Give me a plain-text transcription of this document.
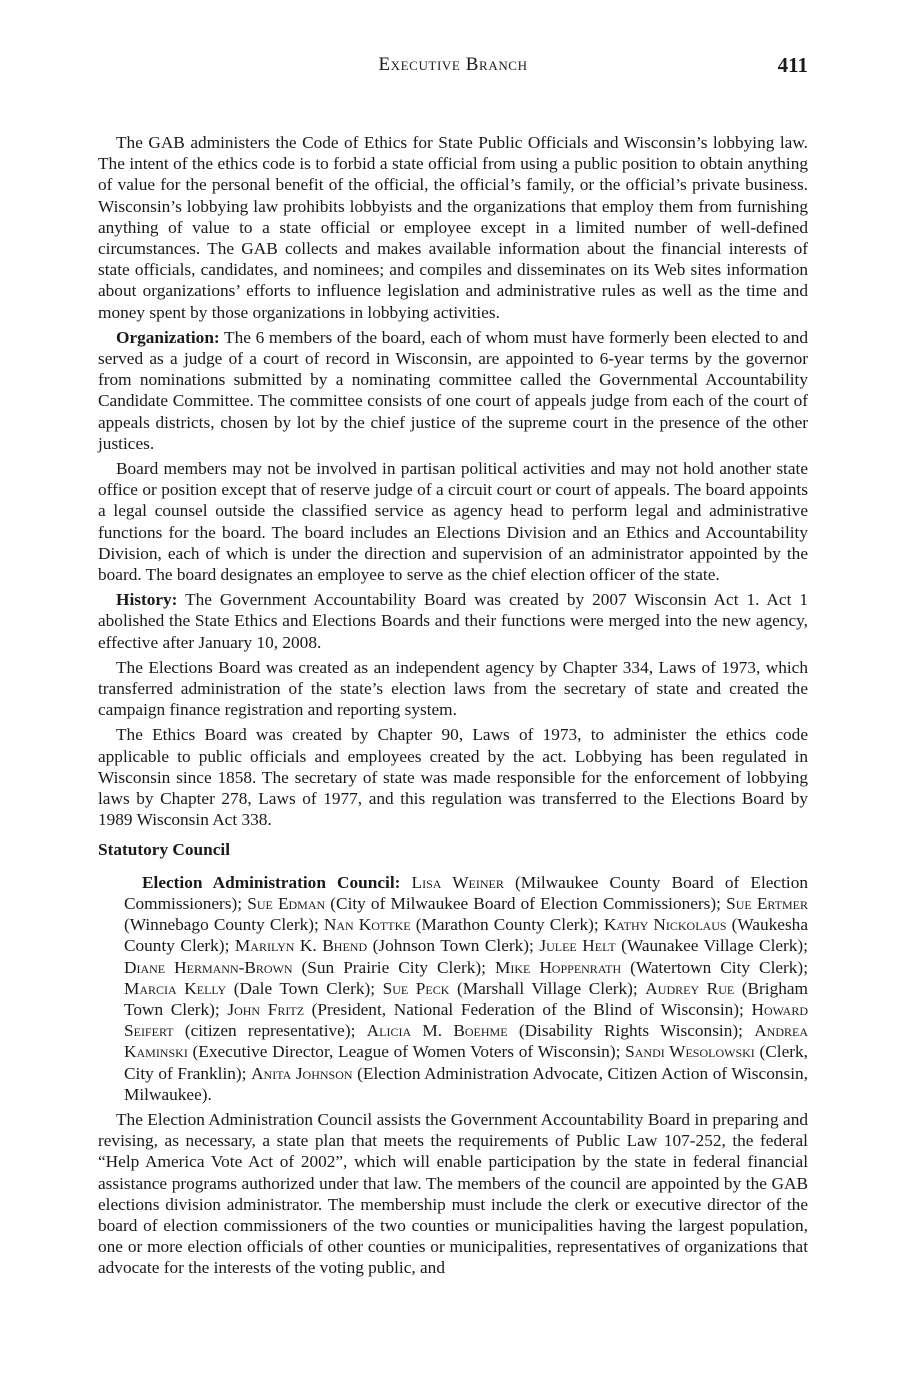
Executive Branch	411

The GAB administers the Code of Ethics for State Public Officials and Wisconsin’s lobbying law. The intent of the ethics code is to forbid a state official from using a public position to obtain anything of value for the personal benefit of the official, the official’s family, or the official’s private business. Wisconsin’s lobbying law prohibits lobbyists and the organizations that employ them from furnishing anything of value to a state official or employee except in a limited number of well-defined circumstances. The GAB collects and makes available information about the financial interests of state officials, candidates, and nominees; and compiles and disseminates on its Web sites information about organizations’ efforts to influence legislation and administrative rules as well as the time and money spent by those organizations in lobbying activities.

Organization: The 6 members of the board, each of whom must have formerly been elected to and served as a judge of a court of record in Wisconsin, are appointed to 6-year terms by the governor from nominations submitted by a nominating committee called the Governmental Accountability Candidate Committee. The committee consists of one court of appeals judge from each of the court of appeals districts, chosen by lot by the chief justice of the supreme court in the presence of the other justices.

Board members may not be involved in partisan political activities and may not hold another state office or position except that of reserve judge of a circuit court or court of appeals. The board appoints a legal counsel outside the classified service as agency head to perform legal and administrative functions for the board. The board includes an Elections Division and an Ethics and Accountability Division, each of which is under the direction and supervision of an administrator appointed by the board. The board designates an employee to serve as the chief election officer of the state.

History: The Government Accountability Board was created by 2007 Wisconsin Act 1. Act 1 abolished the State Ethics and Elections Boards and their functions were merged into the new agency, effective after January 10, 2008.

The Elections Board was created as an independent agency by Chapter 334, Laws of 1973, which transferred administration of the state’s election laws from the secretary of state and created the campaign finance registration and reporting system.

The Ethics Board was created by Chapter 90, Laws of 1973, to administer the ethics code applicable to public officials and employees created by the act. Lobbying has been regulated in Wisconsin since 1858. The secretary of state was made responsible for the enforcement of lobbying laws by Chapter 278, Laws of 1977, and this regulation was transferred to the Elections Board by 1989 Wisconsin Act 338.

Statutory Council

Election Administration Council: Lisa Weiner (Milwaukee County Board of Election Commissioners); Sue Edman (City of Milwaukee Board of Election Commissioners); Sue Ertmer (Winnebago County Clerk); Nan Kottke (Marathon County Clerk); Kathy Nickolaus (Waukesha County Clerk); Marilyn K. Bhend (Johnson Town Clerk); Julee Helt (Waunakee Village Clerk); Diane Hermann-Brown (Sun Prairie City Clerk); Mike Hoppenrath (Watertown City Clerk); Marcia Kelly (Dale Town Clerk); Sue Peck (Marshall Village Clerk); Audrey Rue (Brigham Town Clerk); John Fritz (President, National Federation of the Blind of Wisconsin); Howard Seifert (citizen representative); Alicia M. Boehme (Disability Rights Wisconsin); Andrea Kaminski (Executive Director, League of Women Voters of Wisconsin); Sandi Wesolowski (Clerk, City of Franklin); Anita Johnson (Election Administration Advocate, Citizen Action of Wisconsin, Milwaukee).

The Election Administration Council assists the Government Accountability Board in preparing and revising, as necessary, a state plan that meets the requirements of Public Law 107-252, the federal “Help America Vote Act of 2002”, which will enable participation by the state in federal financial assistance programs authorized under that law. The members of the council are appointed by the GAB elections division administrator. The membership must include the clerk or executive director of the board of election commissioners of the two counties or municipalities having the largest population, one or more election officials of other counties or municipalities, representatives of organizations that advocate for the interests of the voting public, and
